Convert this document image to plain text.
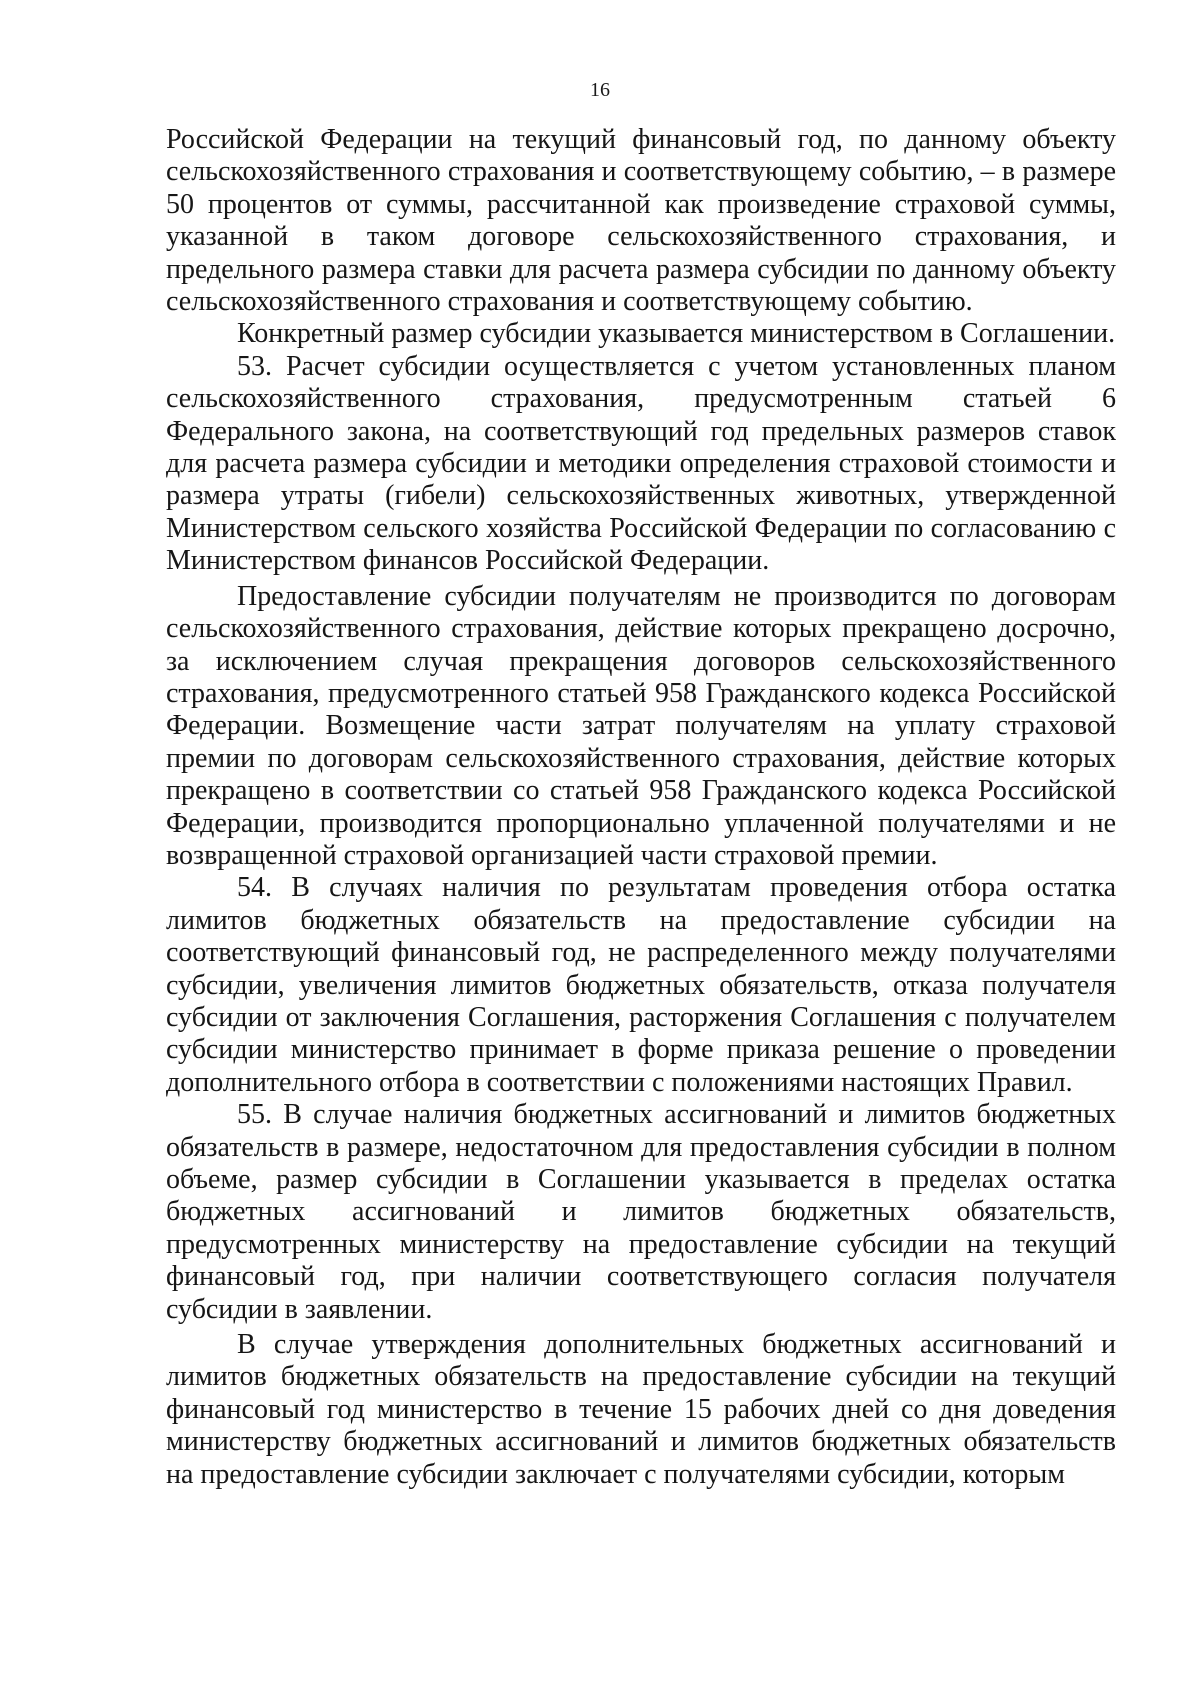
16

Российской Федерации на текущий финансовый год, по данному объекту сельскохозяйственного страхования и соответствующему событию, – в размере 50 процентов от суммы, рассчитанной как произведение страховой суммы, указанной в таком договоре сельскохозяйственного страхования, и предельного размера ставки для расчета размера субсидии по данному объекту сельскохозяйственного страхования и соответствующему событию.

Конкретный размер субсидии указывается министерством в Соглашении.

53. Расчет субсидии осуществляется с учетом установленных планом сельскохозяйственного страхования, предусмотренным статьей 6 Федерального закона, на соответствующий год предельных размеров ставок для расчета размера субсидии и методики определения страховой стоимости и размера утраты (гибели) сельскохозяйственных животных, утвержденной Министерством сельского хозяйства Российской Федерации по согласованию с Министерством финансов Российской Федерации.

Предоставление субсидии получателям не производится по договорам сельскохозяйственного страхования, действие которых прекращено досрочно, за исключением случая прекращения договоров сельскохозяйственного страхования, предусмотренного статьей 958 Гражданского кодекса Российской Федерации. Возмещение части затрат получателям на уплату страховой премии по договорам сельскохозяйственного страхования, действие которых прекращено в соответствии со статьей 958 Гражданского кодекса Российской Федерации, производится пропорционально уплаченной получателями и не возвращенной страховой организацией части страховой премии.

54. В случаях наличия по результатам проведения отбора остатка лимитов бюджетных обязательств на предоставление субсидии на соответствующий финансовый год, не распределенного между получателями субсидии, увеличения лимитов бюджетных обязательств, отказа получателя субсидии от заключения Соглашения, расторжения Соглашения с получателем субсидии министерство принимает в форме приказа решение о проведении дополнительного отбора в соответствии с положениями настоящих Правил.

55. В случае наличия бюджетных ассигнований и лимитов бюджетных обязательств в размере, недостаточном для предоставления субсидии в полном объеме, размер субсидии в Соглашении указывается в пределах остатка бюджетных ассигнований и лимитов бюджетных обязательств, предусмотренных министерству на предоставление субсидии на текущий финансовый год, при наличии соответствующего согласия получателя субсидии в заявлении.

В случае утверждения дополнительных бюджетных ассигнований и лимитов бюджетных обязательств на предоставление субсидии на текущий финансовый год министерство в течение 15 рабочих дней со дня доведения министерству бюджетных ассигнований и лимитов бюджетных обязательств на предоставление субсидии заключает с получателями субсидии, которым
